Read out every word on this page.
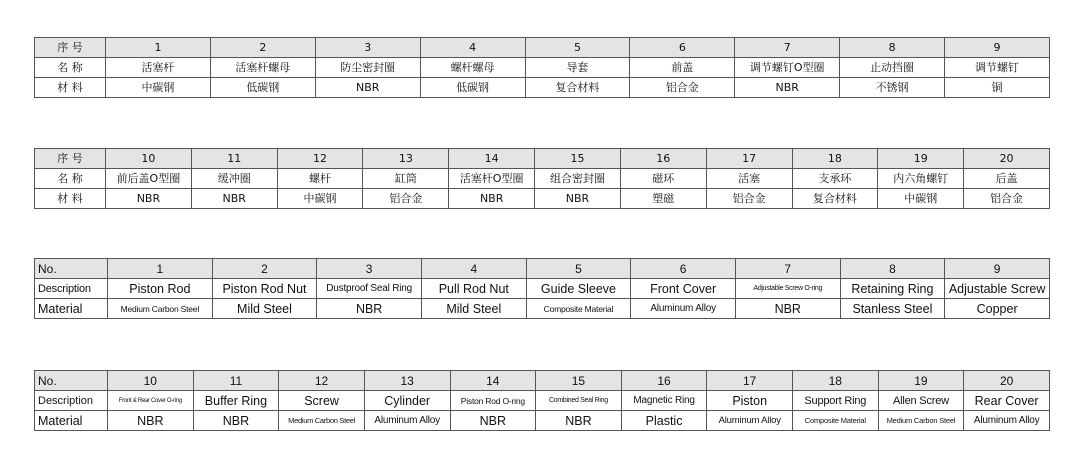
序 号	1	2	3	4	5	6	7	8	9
名 称	活塞杆	活塞杆螺母	防尘密封圈	螺杆螺母	导套	前盖	调节螺钉O型圈	止动挡圈	调节螺钉
材 料	中碳钢	低碳钢	NBR	低碳钢	复合材料	铝合金	NBR	不锈钢	铜
序 号	10	11	12	13	14	15	16	17	18	19	20
名 称	前后盖O型圈	缓冲圈	螺杆	缸筒	活塞杆O型圈	组合密封圈	磁环	活塞	支承环	内六角螺钉	后盖
材 料	NBR	NBR	中碳钢	铝合金	NBR	NBR	塑磁	铝合金	复合材料	中碳钢	铝合金
No.	1	2	3	4	5	6	7	8	9
Description	Piston Rod	Piston Rod Nut	Dustproof Seal Ring	Pull Rod Nut	Guide Sleeve	Front Cover	Adjustable Screw O-ring	Retaining Ring	Adjustable Screw
Material	Medium Carbon Steel	Mild Steel	NBR	Mild Steel	Composite Material	Aluminum Alloy	NBR	Stanless Steel	Copper
No.	10	11	12	13	14	15	16	17	18	19	20
Description	Front & Rear Cover O-ring	Buffer Ring	Screw	Cylinder	Piston Rod O-ring	Combined Seal Ring	Magnetic Ring	Piston	Support Ring	Allen Screw	Rear Cover
Material	NBR	NBR	Medium Carbon Steel	Aluminum Alloy	NBR	NBR	Plastic	Aluminum Alloy	Composite Material	Medium Carbon Steel	Aluminum Alloy
